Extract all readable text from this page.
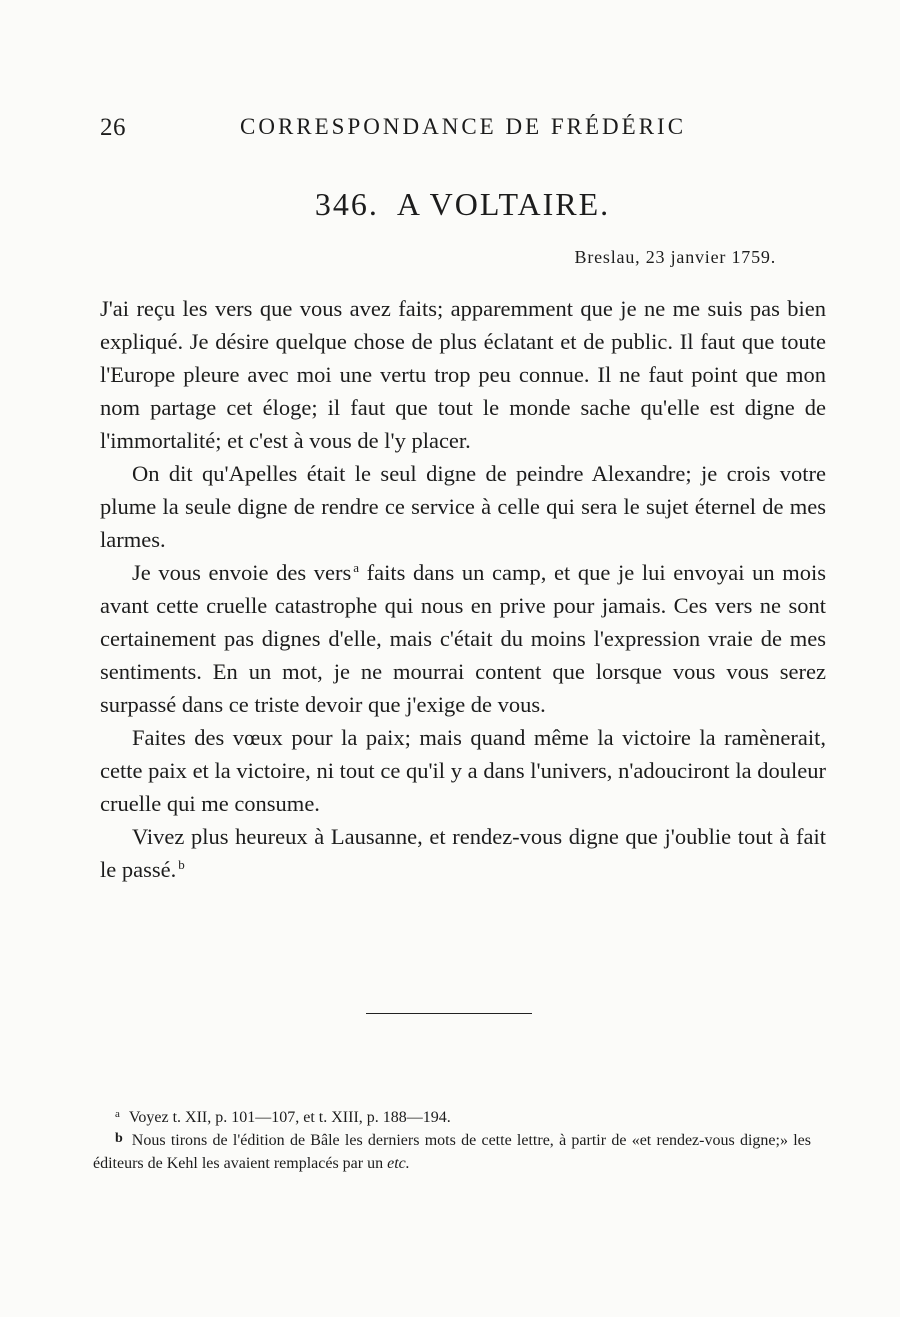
26	CORRESPONDANCE DE FRÉDÉRIC
346. A VOLTAIRE.
Breslau, 23 janvier 1759.

J'ai reçu les vers que vous avez faits; apparemment que je ne me suis pas bien expliqué. Je désire quelque chose de plus éclatant et de public. Il faut que toute l'Europe pleure avec moi une vertu trop peu connue. Il ne faut point que mon nom partage cet éloge; il faut que tout le monde sache qu'elle est digne de l'immortalité; et c'est à vous de l'y placer.

On dit qu'Apelles était le seul digne de peindre Alexandre; je crois votre plume la seule digne de rendre ce service à celle qui sera le sujet éternel de mes larmes.

Je vous envoie des vers $^a$ faits dans un camp, et que je lui envoyai un mois avant cette cruelle catastrophe qui nous en prive pour jamais. Ces vers ne sont certainement pas dignes d'elle, mais c'était du moins l'expression vraie de mes sentiments. En un mot, je ne mourrai content que lorsque vous vous serez surpassé dans ce triste devoir que j'exige de vous.

Faites des vœux pour la paix; mais quand même la victoire la ramènerait, cette paix et la victoire, ni tout ce qu'il y a dans l'univers, n'adouciront la douleur cruelle qui me consume.

Vivez plus heureux à Lausanne, et rendez-vous digne que j'oublie tout à fait le passé. $^b$

$^a$ Voyez t. XII, p. 101—107, et t. XIII, p. 188—194.

b Nous tirons de l'édition de Bâle les derniers mots de cette lettre, à partir de «et rendez-vous digne;» les éditeurs de Kehl les avaient remplacés par un etc.
